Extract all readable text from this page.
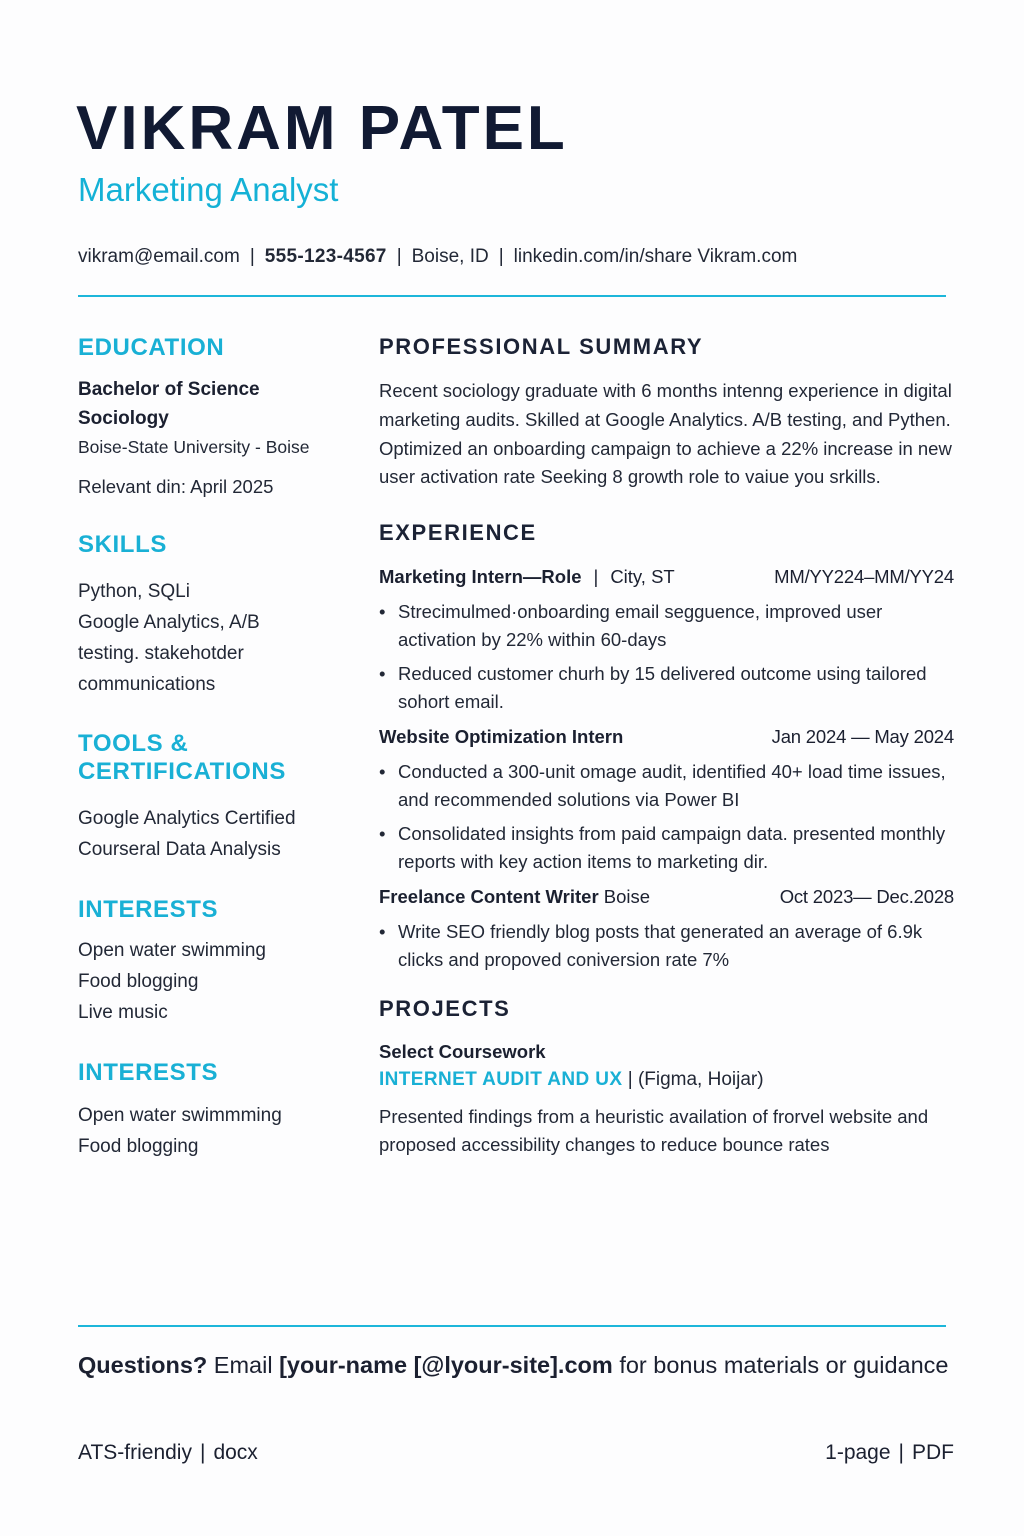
VIKRAM PATEL
Marketing Analyst
vikram@email.com | 555-123-4567 | Boise, ID | linkedin.com/in/share Vikram.com
EDUCATION
Bachelor of Science
Sociology
Boise-State University - Boise
Relevant din: April 2025
SKILLS
Python, SQLi
Google Analytics, A/B
testing. stakehotder
communications
TOOLS &
CERTIFICATIONS
Google Analytics Certified
Courseral Data Analysis
INTERESTS
Open water swimming
Food blogging
Live music
INTERESTS
Open water swimmming
Food blogging
PROFESSIONAL SUMMARY

Recent sociology graduate with 6 months intenng experience in digital marketing audits. Skilled at Google Analytics. A/B testing, and Pythen. Optimized an onboarding campaign to achieve a 22% increase in new user activation rate Seeking 8 growth role to vaiue you srkills.

EXPERIENCE
Marketing Intern—Role | City, ST	MM/YY224–MM/YY24
• Strecimulmed·onboarding email segguence, improved user activation by 22% within 60-days
• Reduced customer churh by 15 delivered outcome using tailored sohort email.
Website Optimization Intern	Jan 2024 — May 2024
• Conducted a 300-unit omage audit, identified 40+ load time issues, and recommended solutions via Power BI
• Consolidated insights from paid campaign data. presented monthly reports with key action items to marketing dir.
Freelance Content Writer Boise	Oct 2023— Dec.2028
• Write SEO friendly blog posts that generated an average of 6.9k clicks and propoved coniversion rate 7%
PROJECTS
Select Coursework
INTERNET AUDIT AND UX | (Figma, Hoijar)

Presented findings from a heuristic availation of frorvel website and proposed accessibility changes to reduce bounce rates

Questions? Email [your-name [@lyour-site].com for bonus materials or guidance
ATS-friendiy | docx	1-page | PDF
